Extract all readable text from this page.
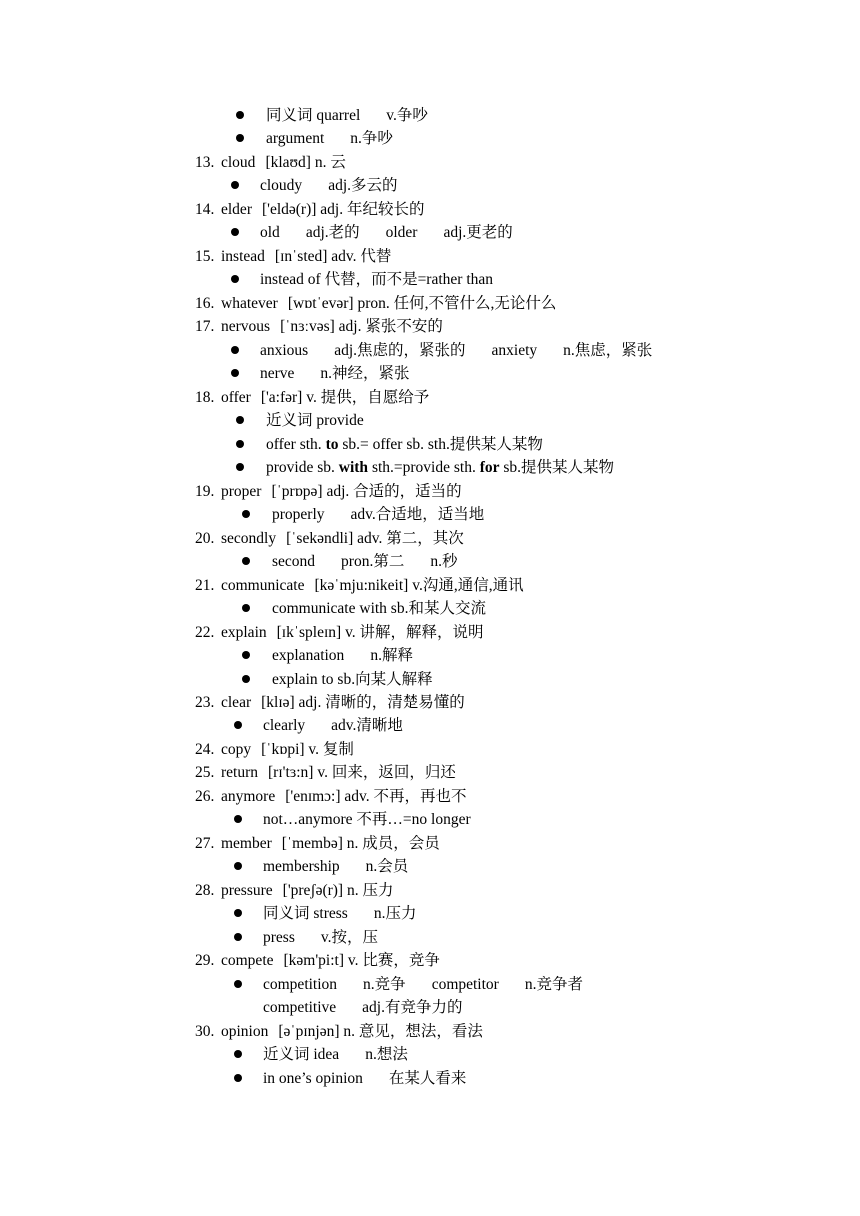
同义词 quarrel v.争吵
argument n.争吵
13. cloud [klaʊd] n. 云
cloudy adj.多云的
14. elder ['eldə(r)] adj. 年纪较长的
old adj.老的 older adj.更老的
15. instead [ɪnˈsted] adv. 代替
instead of 代替，而不是=rather than
16. whatever [wɒtˈevər] pron. 任何,不管什么,无论什么
17. nervous [ˈnɜːvəs] adj. 紧张不安的
anxious adj.焦虑的，紧张的 anxiety n.焦虑，紧张
nerve n.神经，紧张
18. offer ['a:fər] v. 提供，自愿给予
近义词 provide
offer sth. to sb.= offer sb. sth.提供某人某物
provide sb. with sth.=provide sth. for sb.提供某人某物
19. proper [ˈprɒpə] adj. 合适的，适当的
properly adv.合适地，适当地
20. secondly [ˈsekəndli] adv. 第二，其次
second pron.第二 n.秒
21. communicate [kəˈmju:nikeit] v.沟通,通信,通讯
communicate with sb.和某人交流
22. explain [ɪkˈspleɪn] v. 讲解，解释，说明
explanation n.解释
explain to sb.向某人解释
23. clear [klɪə] adj. 清晰的，清楚易懂的
clearly adv.清晰地
24. copy [ˈkɒpi] v. 复制
25. return [rɪ'tɜ:n] v. 回来，返回，归还
26. anymore ['enɪmɔ:] adv. 不再，再也不
not…anymore 不再…=no longer
27. member [ˈmembə] n. 成员，会员
membership n.会员
28. pressure ['preʃə(r)] n. 压力
同义词 stress n.压力
press v.按，压
29. compete [kəm'pi:t] v. 比赛，竞争
competition n.竞争 competitor n.竞争者
competitive adj.有竞争力的
30. opinion [əˈpɪnjən] n. 意见，想法，看法
近义词 idea n.想法
in one’s opinion 在某人看来
